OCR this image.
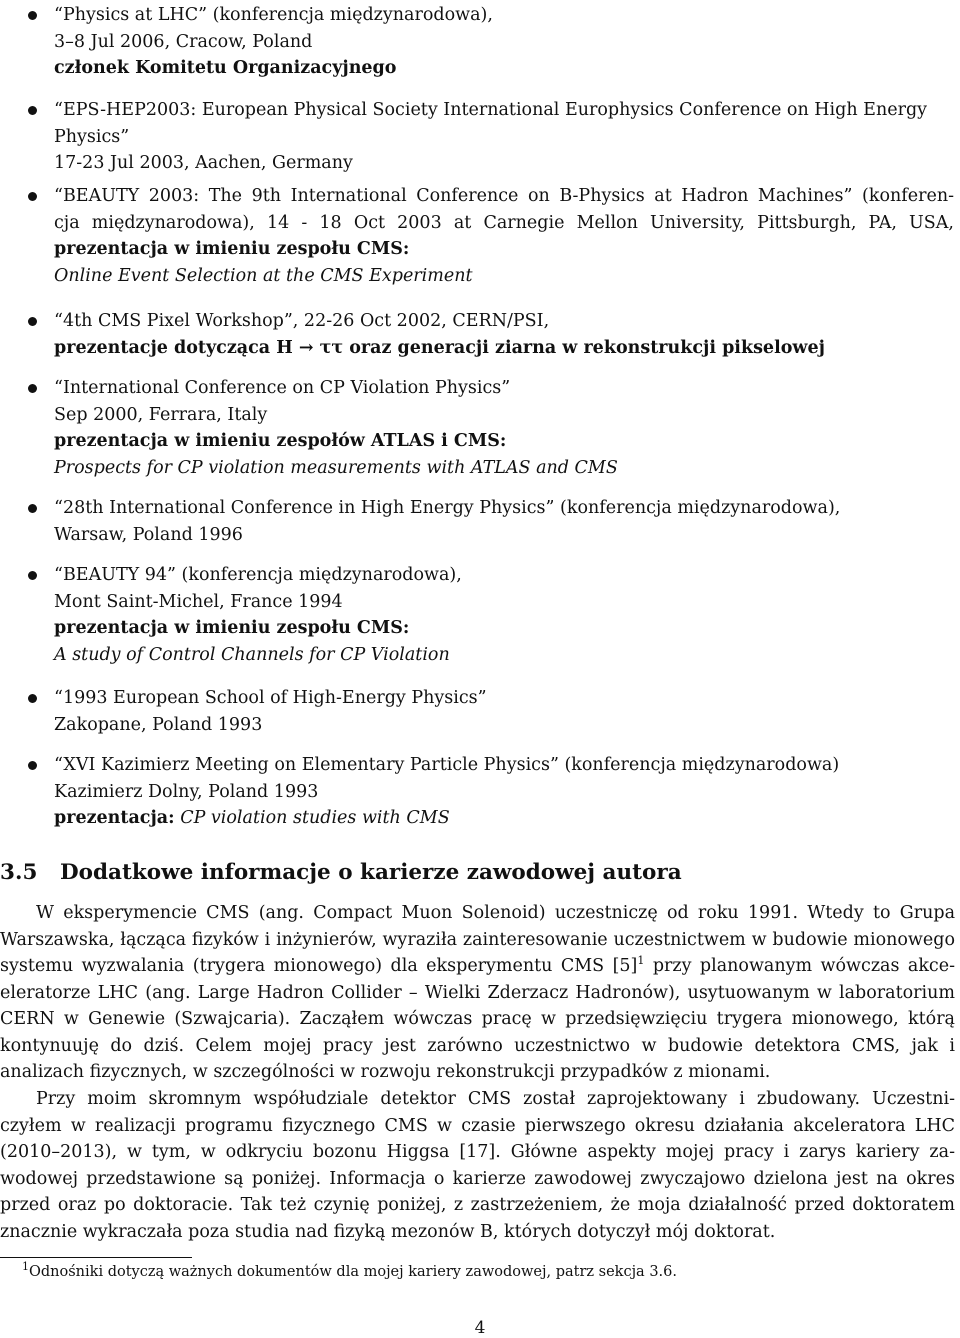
“Physics at LHC” (konferencja międzynarodowa),
3–8 Jul 2006, Cracow, Poland
członek Komitetu Organizacyjnego
“EPS-HEP2003: European Physical Society International Europhysics Conference on High Energy
Physics”
17-23 Jul 2003, Aachen, Germany
“BEAUTY 2003: The 9th International Conference on B-Physics at Hadron Machines” (konferen-
cja międzynarodowa), 14 - 18 Oct 2003 at Carnegie Mellon University, Pittsburgh, PA, USA,
prezentacja w imieniu zespołu CMS:
Online Event Selection at the CMS Experiment
“4th CMS Pixel Workshop”, 22-26 Oct 2002, CERN/PSI,
prezentacje dotycząca H → ττ oraz generacji ziarna w rekonstrukcji pikselowej
“International Conference on CP Violation Physics”
Sep 2000, Ferrara, Italy
prezentacja w imieniu zespołów ATLAS i CMS:
Prospects for CP violation measurements with ATLAS and CMS
“28th International Conference in High Energy Physics” (konferencja międzynarodowa),
Warsaw, Poland 1996
“BEAUTY 94” (konferencja międzynarodowa),
Mont Saint-Michel, France 1994
prezentacja w imieniu zespołu CMS:
A study of Control Channels for CP Violation
“1993 European School of High-Energy Physics”
Zakopane, Poland 1993
“XVI Kazimierz Meeting on Elementary Particle Physics” (konferencja międzynarodowa)
Kazimierz Dolny, Poland 1993
prezentacja: CP violation studies with CMS
3.5 Dodatkowe informacje o karierze zawodowej autora
W eksperymencie CMS (ang. Compact Muon Solenoid) uczestniczę od roku 1991. Wtedy to Grupa
Warszawska, łącząca fizyków i inżynierów, wyraziła zainteresowanie uczestnictwem w budowie mionowego
systemu wyzwalania (trygera mionowego) dla eksperymentu CMS $[5]^1$ przy planowanym wówczas akce-
eleratorze LHC (ang. Large Hadron Collider – Wielki Zderzacz Hadronów), usytuowanym w laboratorium
CERN w Genewie (Szwajcaria). Zacząłem wówczas pracę w przedsięwzięciu trygera mionowego, którą
kontynuuję do dziś. Celem mojej pracy jest zarówno uczestnictwo w budowie detektora CMS, jak i
analizach fizycznych, w szczególności w rozwoju rekonstrukcji przypadków z mionami.
Przy moim skromnym współudziale detektor CMS został zaprojektowany i zbudowany. Uczestni-
czyłem w realizacji programu fizycznego CMS w czasie pierwszego okresu działania akceleratora LHC
(2010–2013), w tym, w odkryciu bozonu Higgsa [17]. Główne aspekty mojej pracy i zarys kariery za-
wodowej przedstawione są poniżej. Informacja o karierze zawodowej zwyczajowo dzielona jest na okres
przed oraz po doktoracie. Tak też czynię poniżej, z zastrzeżeniem, że moja działalność przed doktoratem
znacznie wykraczała poza studia nad fizyką mezonów B, których dotyczył mój doktorat.
$^1$Odnośniki dotyczą ważnych dokumentów dla mojej kariery zawodowej, patrz sekcja 3.6.
4
